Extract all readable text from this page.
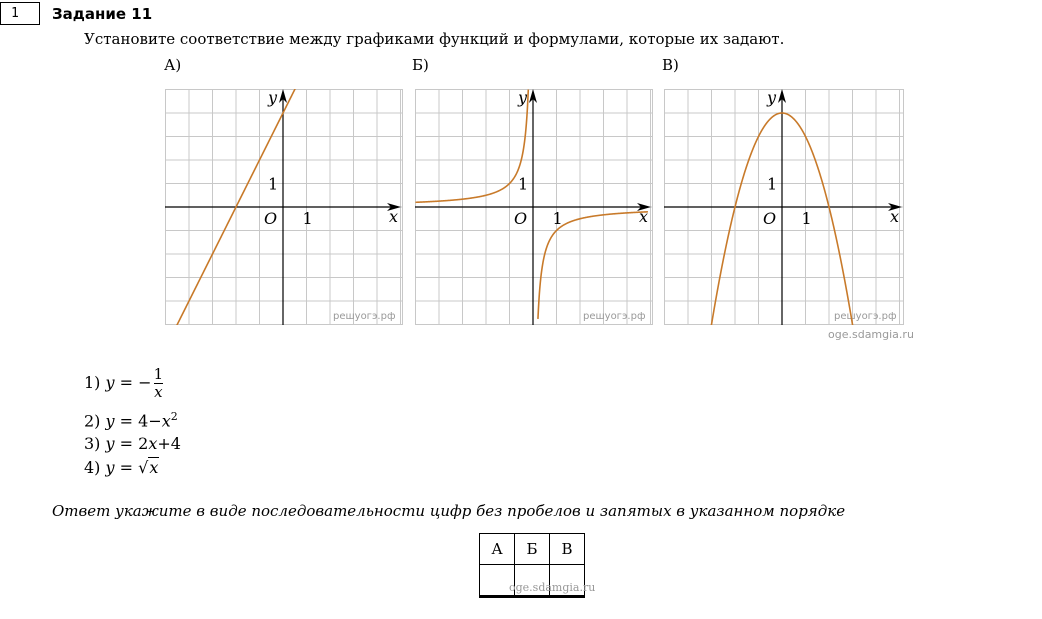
1	Задание 11
Установите соответствие между графиками функций и формулами, которые их задают.
А)	Б)	В)
x
y
O 1
1
решуогэ.рф
x
y
O 1
1
решуогэ.рф
x
y
O 1
1
решуогэ.рф
oge.sdamgia.ru
1) y = − $\frac{1}{x}$
2) $y = 4-x^2$
3) y = 2x+4
4) y = √x
Ответ укажите в виде последовательности цифр без пробелов и запятых в указанном порядке
А	Б	В

oge.sdamgia.ru
